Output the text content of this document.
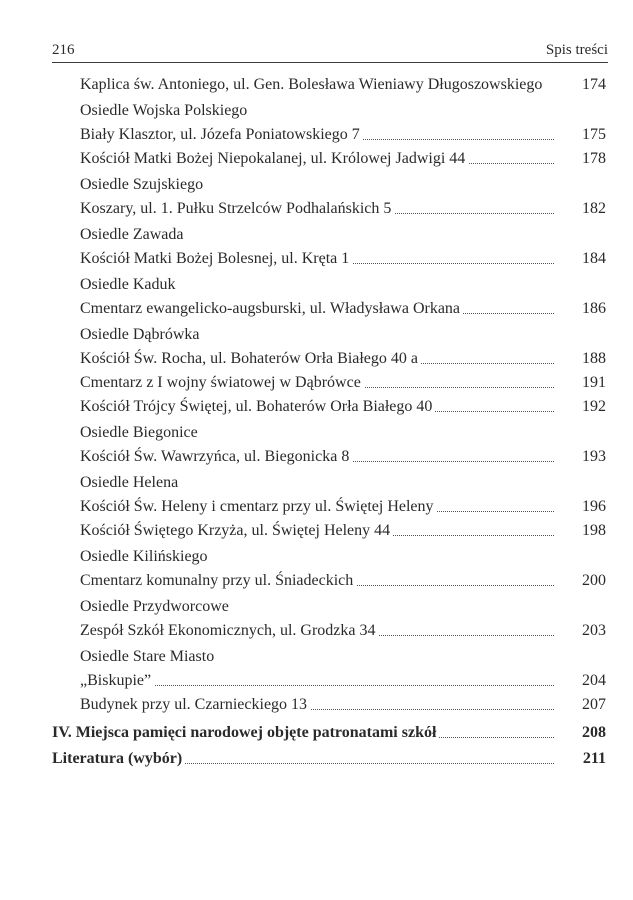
216	Spis treści
Kaplica św. Antoniego, ul. Gen. Bolesława Wieniawy Długoszowskiego 174
Osiedle Wojska Polskiego
Biały Klasztor, ul. Józefa Poniatowskiego 7	175
Kościół Matki Bożej Niepokalanej, ul. Królowej Jadwigi 44	178
Osiedle Szujskiego
Koszary, ul. 1. Pułku Strzelców Podhalańskich 5	182
Osiedle Zawada
Kościół Matki Bożej Bolesnej, ul. Kręta 1	184
Osiedle Kaduk
Cmentarz ewangelicko-augsburski, ul. Władysława Orkana	186
Osiedle Dąbrówka
Kościół Św. Rocha, ul. Bohaterów Orła Białego 40 a	188
Cmentarz z I wojny światowej w Dąbrówce	191
Kościół Trójcy Świętej, ul. Bohaterów Orła Białego 40	192
Osiedle Biegonice
Kościół Św. Wawrzyńca, ul. Biegonicka 8	193
Osiedle Helena
Kościół Św. Heleny i cmentarz przy ul. Świętej Heleny	196
Kościół Świętego Krzyża, ul. Świętej Heleny 44	198
Osiedle Kilińskiego
Cmentarz komunalny przy ul. Śniadeckich	200
Osiedle Przydworcowe
Zespół Szkół Ekonomicznych, ul. Grodzka 34	203
Osiedle Stare Miasto
„Biskupie”	204
Budynek przy ul. Czarnieckiego 13	207
IV. Miejsca pamięci narodowej objęte patronatami szkół	208
Literatura (wybór)	211
